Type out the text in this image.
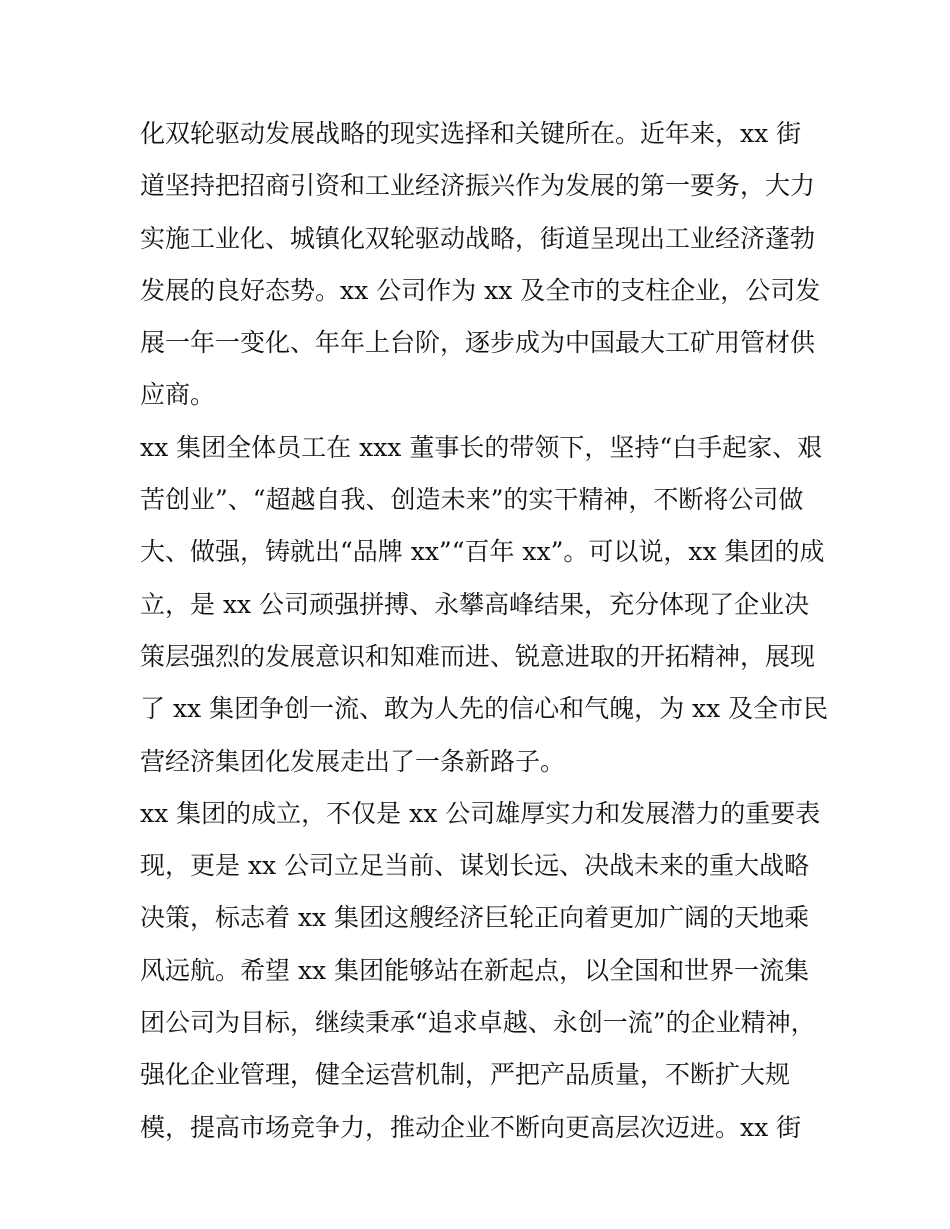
化双轮驱动发展战略的现实选择和关键所在。近年来，xx 街
道坚持把招商引资和工业经济振兴作为发展的第一要务，大力
实施工业化、城镇化双轮驱动战略，街道呈现出工业经济蓬勃
发展的良好态势。xx 公司作为 xx 及全市的支柱企业，公司发
展一年一变化、年年上台阶，逐步成为中国最大工矿用管材供
应商。
xx 集团全体员工在 xxx 董事长的带领下，坚持“白手起家、艰
苦创业”、“超越自我、创造未来”的实干精神，不断将公司做
大、做强，铸就出“品牌 xx”“百年 xx”。可以说，xx 集团的成
立，是 xx 公司顽强拼搏、永攀高峰结果，充分体现了企业决
策层强烈的发展意识和知难而进、锐意进取的开拓精神，展现
了 xx 集团争创一流、敢为人先的信心和气魄，为 xx 及全市民
营经济集团化发展走出了一条新路子。
xx 集团的成立，不仅是 xx 公司雄厚实力和发展潜力的重要表
现，更是 xx 公司立足当前、谋划长远、决战未来的重大战略
决策，标志着 xx 集团这艘经济巨轮正向着更加广阔的天地乘
风远航。希望 xx 集团能够站在新起点，以全国和世界一流集
团公司为目标，继续秉承“追求卓越、永创一流”的企业精神，
强化企业管理，健全运营机制，严把产品质量，不断扩大规
模，提高市场竞争力，推动企业不断向更高层次迈进。xx 街
